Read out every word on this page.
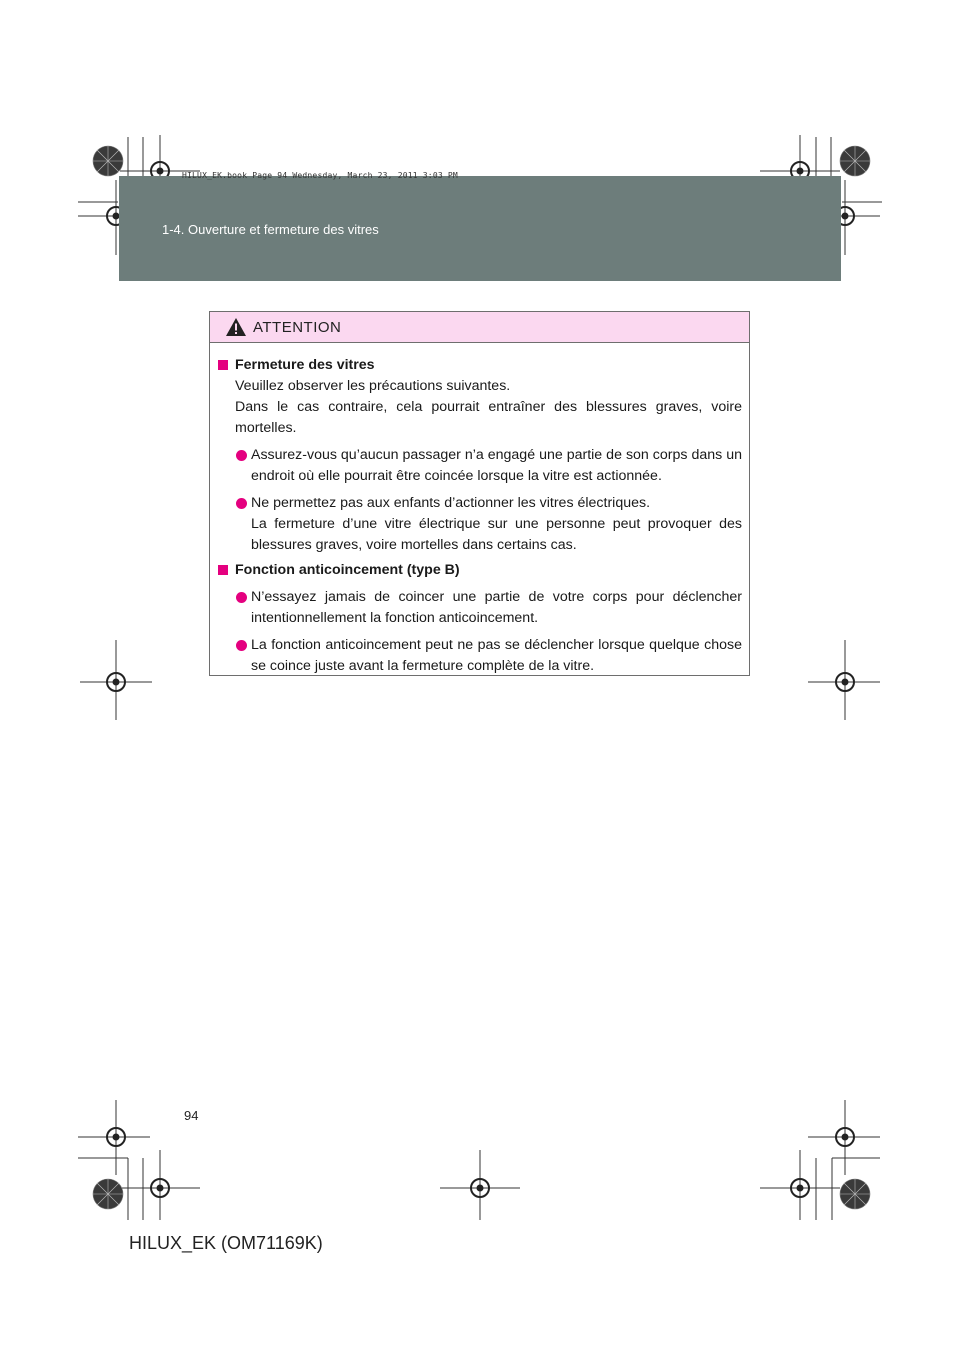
HILUX_EK.book Page 94 Wednesday, March 23, 2011 3:03 PM
1-4. Ouverture et fermeture des vitres
ATTENTION
Fermeture des vitres
Veuillez observer les précautions suivantes.
Dans le cas contraire, cela pourrait entraîner des blessures graves, voire mortelles.
Assurez-vous qu’aucun passager n’a engagé une partie de son corps dans un endroit où elle pourrait être coincée lorsque la vitre est actionnée.
Ne permettez pas aux enfants d’actionner les vitres électriques.
La fermeture d’une vitre électrique sur une personne peut provoquer des blessures graves, voire mortelles dans certains cas.
Fonction anticoincement (type B)
N’essayez jamais de coincer une partie de votre corps pour déclencher intentionnellement la fonction anticoincement.
La fonction anticoincement peut ne pas se déclencher lorsque quelque chose se coince juste avant la fermeture complète de la vitre.
94
HILUX_EK (OM71169K)
